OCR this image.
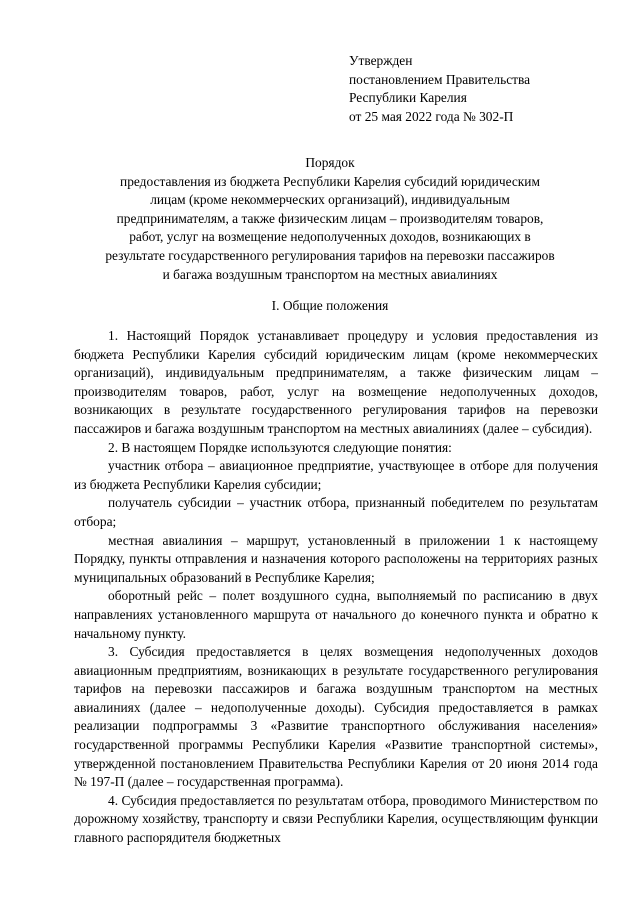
Утвержден
постановлением Правительства
Республики Карелия
от 25 мая 2022 года № 302-П
Порядок
предоставления из бюджета Республики Карелия субсидий юридическим
лицам (кроме некоммерческих организаций), индивидуальным
предпринимателям, а также физическим лицам – производителям товаров,
работ, услуг на возмещение недополученных доходов, возникающих в
результате государственного регулирования тарифов на перевозки пассажиров
и багажа воздушным транспортом на местных авиалиниях
I. Общие положения

1. Настоящий Порядок устанавливает процедуру и условия предоставления из бюджета Республики Карелия субсидий юридическим лицам (кроме некоммерческих организаций), индивидуальным предпринимателям, а также физическим лицам – производителям товаров, работ, услуг на возмещение недополученных доходов, возникающих в результате государственного регулирования тарифов на перевозки пассажиров и багажа воздушным транспортом на местных авиалиниях (далее – субсидия).

2. В настоящем Порядке используются следующие понятия:

участник отбора – авиационное предприятие, участвующее в отборе для получения из бюджета Республики Карелия субсидии;

получатель субсидии – участник отбора, признанный победителем по результатам отбора;

местная авиалиния – маршрут, установленный в приложении 1 к настоящему Порядку, пункты отправления и назначения которого расположены на территориях разных муниципальных образований в Республике Карелия;

оборотный рейс – полет воздушного судна, выполняемый по расписанию в двух направлениях установленного маршрута от начального до конечного пункта и обратно к начальному пункту.

3. Субсидия предоставляется в целях возмещения недополученных доходов авиационным предприятиям, возникающих в результате государственного регулирования тарифов на перевозки пассажиров и багажа воздушным транспортом на местных авиалиниях (далее – недополученные доходы). Субсидия предоставляется в рамках реализации подпрограммы 3 «Развитие транспортного обслуживания населения» государственной программы Республики Карелия «Развитие транспортной системы», утвержденной постановлением Правительства Республики Карелия от 20 июня 2014 года № 197-П (далее – государственная программа).

4. Субсидия предоставляется по результатам отбора, проводимого Министерством по дорожному хозяйству, транспорту и связи Республики Карелия, осуществляющим функции главного распорядителя бюджетных
